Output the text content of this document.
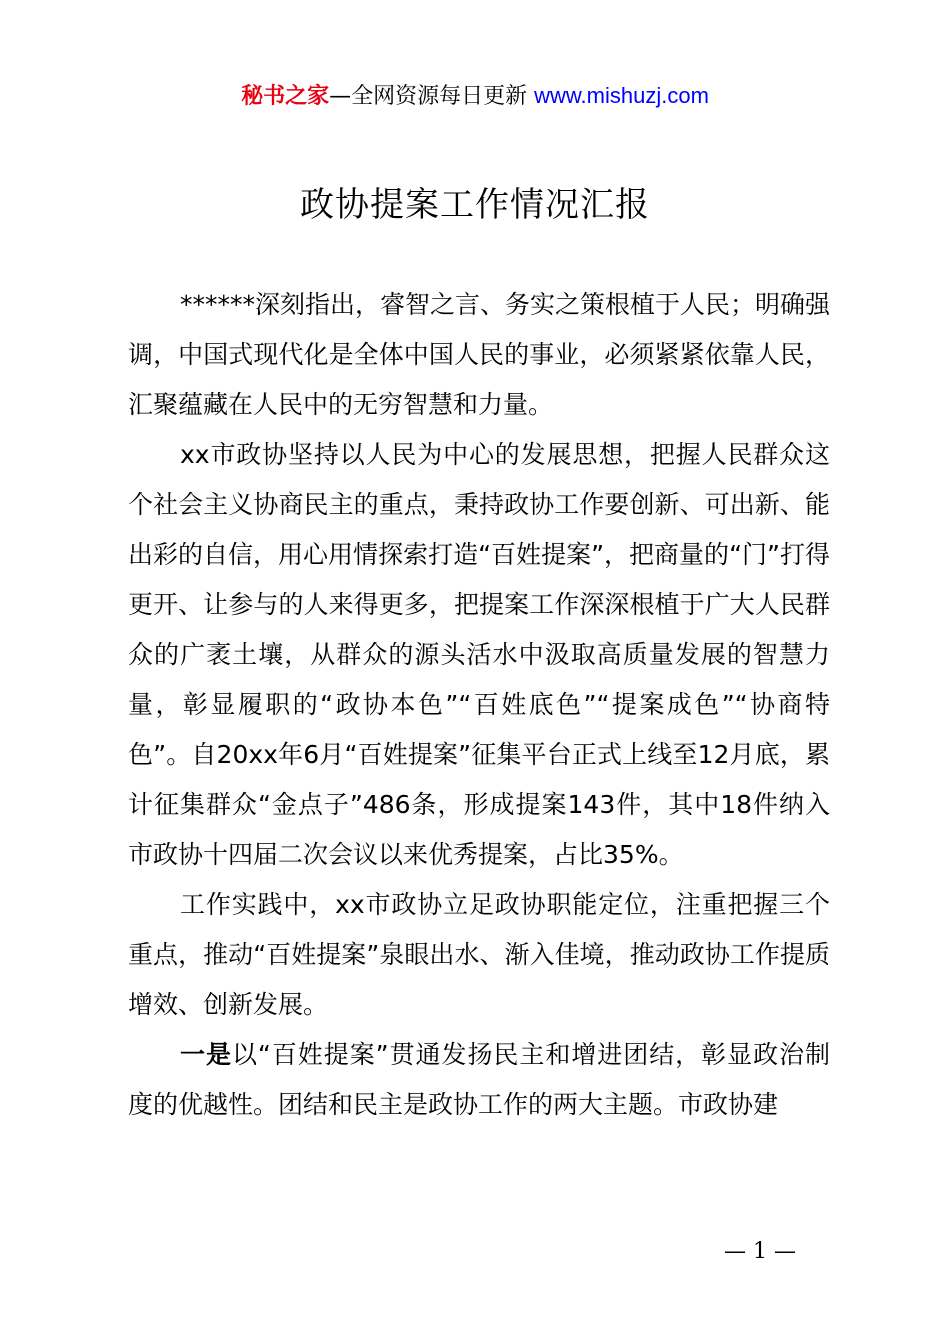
秘书之家—全网资源每日更新 www.mishuzj.com
政协提案工作情况汇报

******深刻指出，睿智之言、务实之策根植于人民；明确强调，中国式现代化是全体中国人民的事业，必须紧紧依靠人民，汇聚蕴藏在人民中的无穷智慧和力量。

xx市政协坚持以人民为中心的发展思想，把握人民群众这个社会主义协商民主的重点，秉持政协工作要创新、可出新、能出彩的自信，用心用情探索打造“百姓提案”，把商量的“门”打得更开、让参与的人来得更多，把提案工作深深根植于广大人民群众的广袤土壤，从群众的源头活水中汲取高质量发展的智慧力量，彰显履职的“政协本色”“百姓底色”“提案成色”“协商特色”。自20xx年6月“百姓提案”征集平台正式上线至12月底，累计征集群众“金点子”486条，形成提案143件，其中18件纳入市政协十四届二次会议以来优秀提案，占比35%。

工作实践中，xx市政协立足政协职能定位，注重把握三个重点，推动“百姓提案”泉眼出水、渐入佳境，推动政协工作提质增效、创新发展。

一是以“百姓提案”贯通发扬民主和增进团结，彰显政治制度的优越性。团结和民主是政协工作的两大主题。市政协建

— 1 —
